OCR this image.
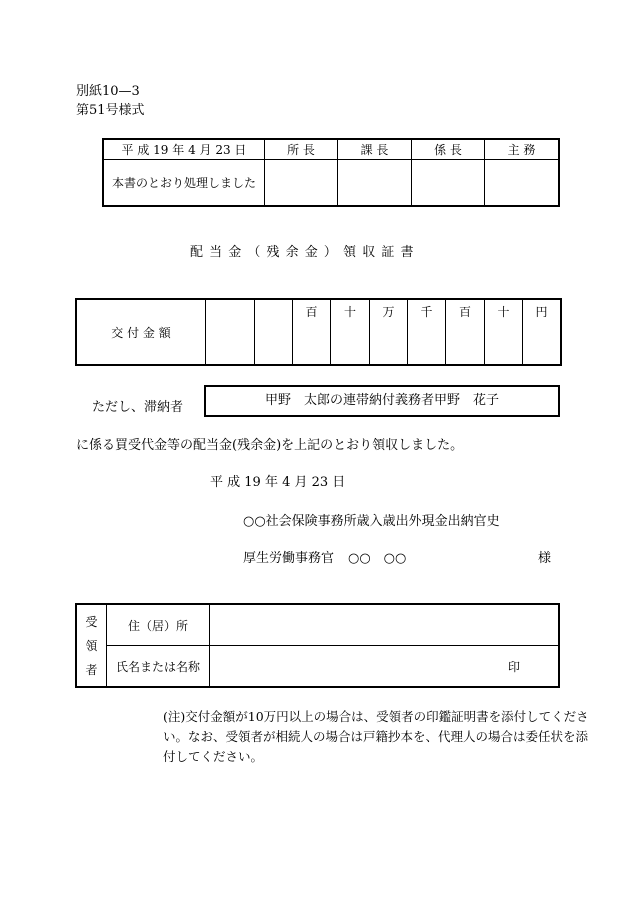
別紙10—3
第51号様式
平 成 19 年 4 月 23 日	所 長	課 長	係 長	主 務
本書のとおり処理しました				
配 当 金 （ 残 余 金 ） 領 収 証 書
交 付 金 額			百	十	万	千	百	十	円
ただし、滞納者	甲野　太郎の連帯納付義務者甲野　花子
に係る買受代金等の配当金(残余金)を上記のとおり領収しました。
平 成 19 年 4 月 23 日
○○社会保険事務所歳入歳出外現金出納官史
厚生労働事務官 ○○　○○	様
受
領
者	住（居）所	
	氏名または名称	印
(注)交付金額が10万円以上の場合は、受領者の印鑑証明書を添付してくださ
い。なお、受領者が相続人の場合は戸籍抄本を、代理人の場合は委任状を添
付してください。
